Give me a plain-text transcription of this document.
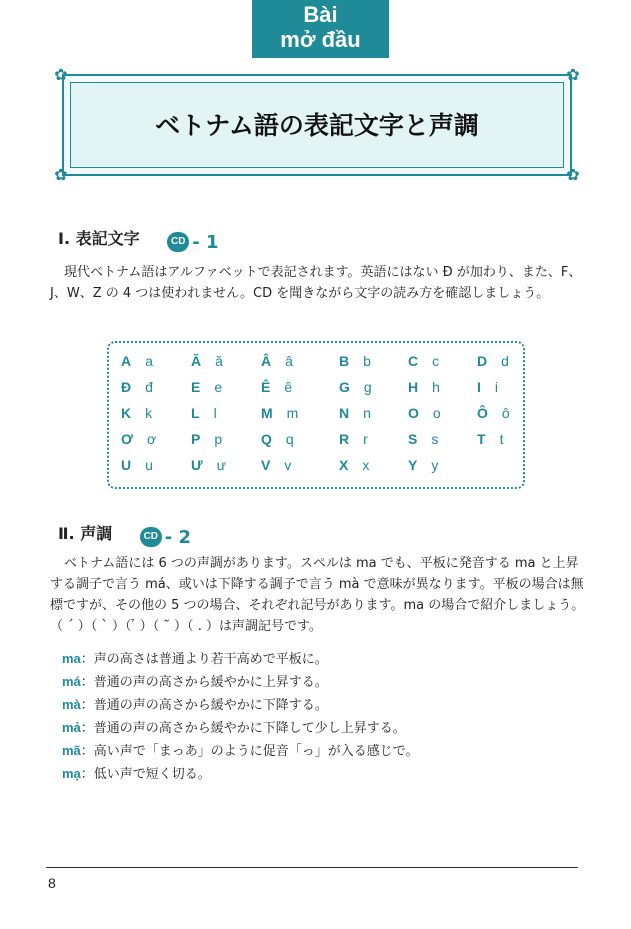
Bài
mở đầu
✿	✿
✿	✿
ベトナム語の表記文字と声調
Ⅰ. 表記文字	CD - 1
現代ベトナム語はアルファベットで表記されます。英語にはない Đ が加わり、また、F、J、W、Z の 4 つは使われません。CD を聞きながら文字の読み方を確認しましょう。
A a	Ă ă	Â â	B b	C c	D d
Đ đ	E e	Ê ê	G g	H h	I i
K k	L l	M m	N n	O o	Ô ô
Ơ ơ P p	Q q	R r	S s	T t
U u	Ư ư	V v	X x	Y y
Ⅱ. 声調	CD - 2
ベトナム語には 6 つの声調があります。スペルは ma でも、平板に発音する ma と上昇する調子で言う má、或いは下降する調子で言う mà で意味が異なります。平板の場合は無標ですが、その他の 5 つの場合、それぞれ記号があります。ma の場合で紹介しましょう。（ ´ ）（ ` ）（ ̉ ）（ ˜ ）（ . ）は声調記号です。
ma：声の高さは普通より若干高めで平板に。
má：普通の声の高さから緩やかに上昇する。
mà：普通の声の高さから緩やかに下降する。
mả：普通の声の高さから緩やかに下降して少し上昇する。
mã：高い声で「まっあ」のように促音「っ」が入る感じで。
mạ：低い声で短く切る。
8
